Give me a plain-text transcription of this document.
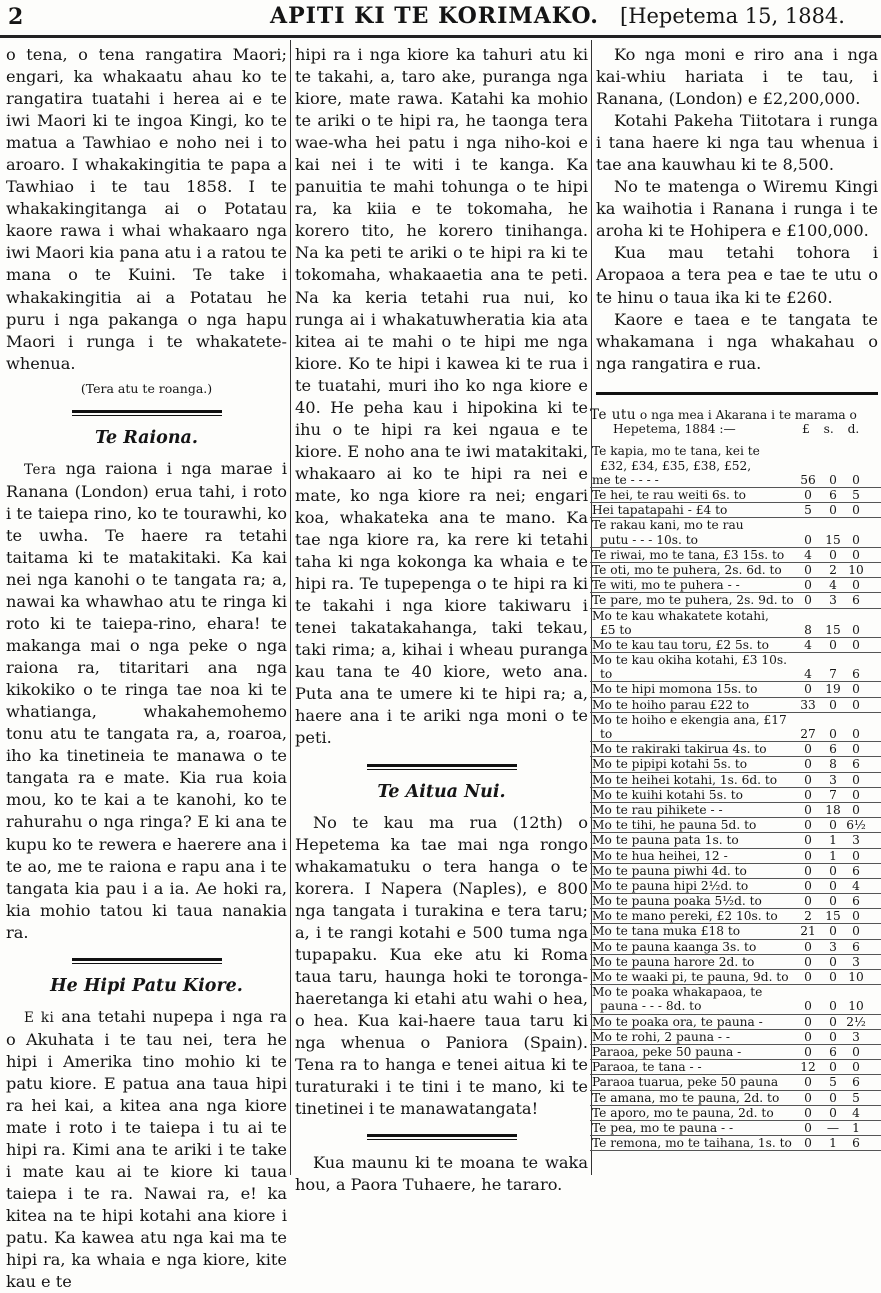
2	APITI KI TE KORIMAKO. [Hepetema 15, 1884.

o tena, o tena rangatira Maori; engari, ka whakaatu ahau ko te rangatira tuatahi i herea ai e te iwi Maori ki te ingoa Kingi, ko te matua a Tawhiao e noho nei i to aroaro. I whakakingitia te papa a Tawhiao i te tau 1858. I te whakakingitanga ai o Potatau kaore rawa i whai whakaaro nga iwi Maori kia pana atu i a ratou te mana o te Kuini. Te take i whakakingitia ai a Potatau he puru i nga pakanga o nga hapu Maori i runga i te whakatete-whenua.

(Tera atu te roanga.)
Te Raiona.

Tera nga raiona i nga marae i Ranana (London) erua tahi, i roto i te taiepa rino, ko te tourawhi, ko te uwha. Te haere ra tetahi taitama ki te matakitaki. Ka kai nei nga kanohi o te tangata ra; a, nawai ka whawhao atu te ringa ki roto ki te taiepa-rino, ehara! te makanga mai o nga peke o nga raiona ra, titaritari ana nga kikokiko o te ringa tae noa ki te whatianga, whakahemohemo tonu atu te tangata ra, a, roaroa, iho ka tinetineia te manawa o te tangata ra e mate. Kia rua koia mou, ko te kai a te kanohi, ko te rahurahu o nga ringa? E ki ana te kupu ko te rewera e haerere ana i te ao, me te raiona e rapu ana i te tangata kia pau i a ia. Ae hoki ra, kia mohio tatou ki taua nanakia ra.

He Hipi Patu Kiore.

E ki ana tetahi nupepa i nga ra o Akuhata i te tau nei, tera he hipi i Amerika tino mohio ki te patu kiore. E patua ana taua hipi ra hei kai, a kitea ana nga kiore mate i roto i te taiepa i tu ai te hipi ra. Kimi ana te ariki i te take i mate kau ai te kiore ki taua taiepa i te ra. Nawai ra, e! ka kitea na te hipi kotahi ana kiore i patu. Ka kawea atu nga kai ma te hipi ra, ka whaia e nga kiore, kite kau e te

hipi ra i nga kiore ka tahuri atu ki te takahi, a, taro ake, puranga nga kiore, mate rawa. Katahi ka mohio te ariki o te hipi ra, he taonga tera wae-wha hei patu i nga niho-koi e kai nei i te witi i te kanga. Ka panuitia te mahi tohunga o te hipi ra, ka kiia e te tokomaha, he korero tito, he korero tinihanga. Na ka peti te ariki o te hipi ra ki te tokomaha, whakaaetia ana te peti. Na ka keria tetahi rua nui, ko runga ai i whakatuwheratia kia ata kitea ai te mahi o te hipi me nga kiore. Ko te hipi i kawea ki te rua i te tuatahi, muri iho ko nga kiore e 40. He peha kau i hipokina ki te ihu o te hipi ra kei ngaua e te kiore. E noho ana te iwi matakitaki, whakaaro ai ko te hipi ra nei e mate, ko nga kiore ra nei; engari koa, whakateka ana te mano. Ka tae nga kiore ra, ka rere ki tetahi taha ki nga kokonga ka whaia e te hipi ra. Te tupepenga o te hipi ra ki te takahi i nga kiore takiwaru i tenei takatakahanga, taki tekau, taki rima; a, kihai i wheau puranga kau tana te 40 kiore, weto ana. Puta ana te umere ki te hipi ra; a, haere ana i te ariki nga moni o te peti.

Te Aitua Nui.

No te kau ma rua (12th) o Hepetema ka tae mai nga rongo whakamatuku o tera hanga o te korera. I Napera (Naples), e 800 nga tangata i turakina e tera taru; a, i te rangi kotahi e 500 tuma nga tupapaku. Kua eke atu ki Roma taua taru, haunga hoki te toronga-haeretanga ki etahi atu wahi o hea, o hea. Kua kai-haere taua taru ki nga whenua o Paniora (Spain). Tena ra to hanga e tenei aitua ki te turaturaki i te tini i te mano, ki te tinetinei i te manawatangata!

Kua maunu ki te moana te waka hou, a Paora Tuhaere, he tararo.

Ko nga moni e riro ana i nga kai-whiu hariata i te tau, i Ranana, (London) e £2,200,000.

Kotahi Pakeha Tiitotara i runga i tana haere ki nga tau whenua i tae ana kauwhau ki te 8,500.

No te matenga o Wiremu Kingi ka waihotia i Ranana i runga i te aroha ki te Hohipera e £100,000.

Kua mau tetahi tohora i Aropaoa a tera pea e tae te utu o te hinu o taua ika ki te £260.

Kaore e taea e te tangata te whakamana i nga whakahau o nga rangatira e rua.

Te utu o nga mea i Akarana i te marama o Hepetema, 1884 :—	£ s. d.
Te kapia, mo te tana, kei te
£32, £34, £35, £38, £52,
me te - - - -	56	0	0
Te hei, te rau weiti 6s. to	0	6	5
Hei tapatapahi - £4 to	5	0	0
Te rakau kani, mo te rau
putu - - - 10s. to	0	15 0
Te riwai, mo te tana, £3 15s. to	4	0	0
Te oti, mo te puhera, 2s. 6d. to	0	2 10
Te witi, mo te puhera - -	0	4	0
Te pare, mo te puhera, 2s. 9d. to 0	3	6
Mo te kau whakatete kotahi,
£5 to	8	15 0
Mo te kau tau toru, £2 5s. to	4	0	0
Mo te kau okiha kotahi, £3 10s.
to	4	7	6
Mo te hipi momona 15s. to	0	19 0
Mo te hoiho parau £22 to	33	0	0
Mo te hoiho e ekengia ana, £17
to	27	0	0
Mo te rakiraki takirua 4s. to	0	6	0
Mo te pipipi kotahi 5s. to	0	8	6
Mo te heihei kotahi, 1s. 6d. to	0	3	0
Mo te kuihi kotahi 5s. to	0	7	0
Mo te rau pihikete - -	0	18 0
Mo te tihi, he pauna 5d. to	0	0 6½
Mo te pauna pata 1s. to	0	1	3
Mo te hua heihei, 12 -	0	1	0
Mo te pauna piwhi 4d. to	0	0	6
Mo te pauna hipi 2½d. to	0	0	4
Mo te pauna poaka 5½d. to	0	0	6
Mo te mano pereki, £2 10s. to	2	15 0
Mo te tana muka £18 to	21	0	0
Mo te pauna kaanga 3s. to	0	3	6
Mo te pauna harore 2d. to	0	0	3
Mo te waaki pi, te pauna, 9d. to	0	0 10
Mo te poaka whakapaoa, te
pauna - - - 8d. to	0	0 10
Mo te poaka ora, te pauna -	0	0 2½
Mo te rohi, 2 pauna - -	0	0	3
Paraoa, peke 50 pauna -	0	6	0
Paraoa, te tana - -	12	0	0
Paraoa tuarua, peke 50 pauna	0	5	6
Te amana, mo te pauna, 2d. to	0	0	5
Te aporo, mo te pauna, 2d. to	0	0	4
Te pea, mo te pauna - -	0	—	1
Te remona, mo te taihana, 1s. to	0	1	6
